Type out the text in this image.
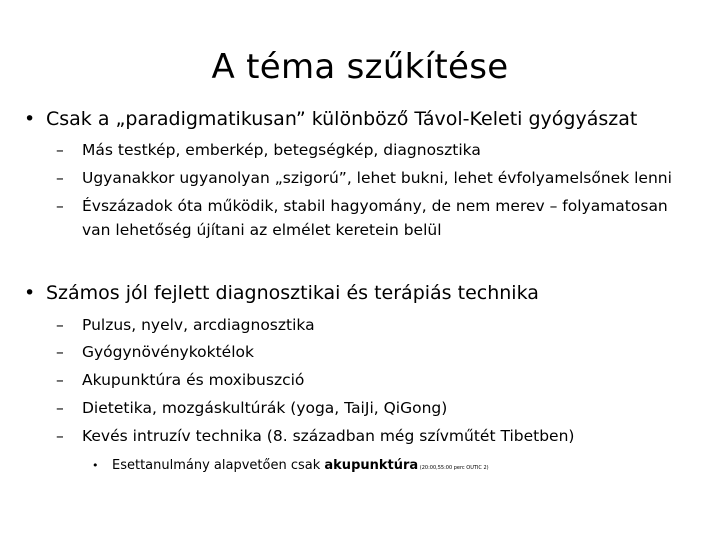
A téma szűkítése
• Csak a „paradigmatikusan” különböző Távol-Keleti gyógyászat
– Más testkép, emberkép, betegségkép, diagnosztika
– Ugyanakkor ugyanolyan „szigorú”, lehet bukni, lehet évfolyamelsőnek lenni
– Évszázadok óta működik, stabil hagyomány, de nem merev – folyamatosan
van lehetőség újítani az elmélet keretein belül
• Számos jól fejlett diagnosztikai és terápiás technika
– Pulzus, nyelv, arcdiagnosztika
– Gyógynövénykoktélok
– Akupunktúra és moxibuszció
– Dietetika, mozgáskultúrák (yoga, TaiJi, QiGong)
– Kevés intruzív technika (8. században még szívműtét Tibetben)
• Esettanulmány alapvetően csak akupunktúra (20:00,55:00 perc OUTIC 2)
